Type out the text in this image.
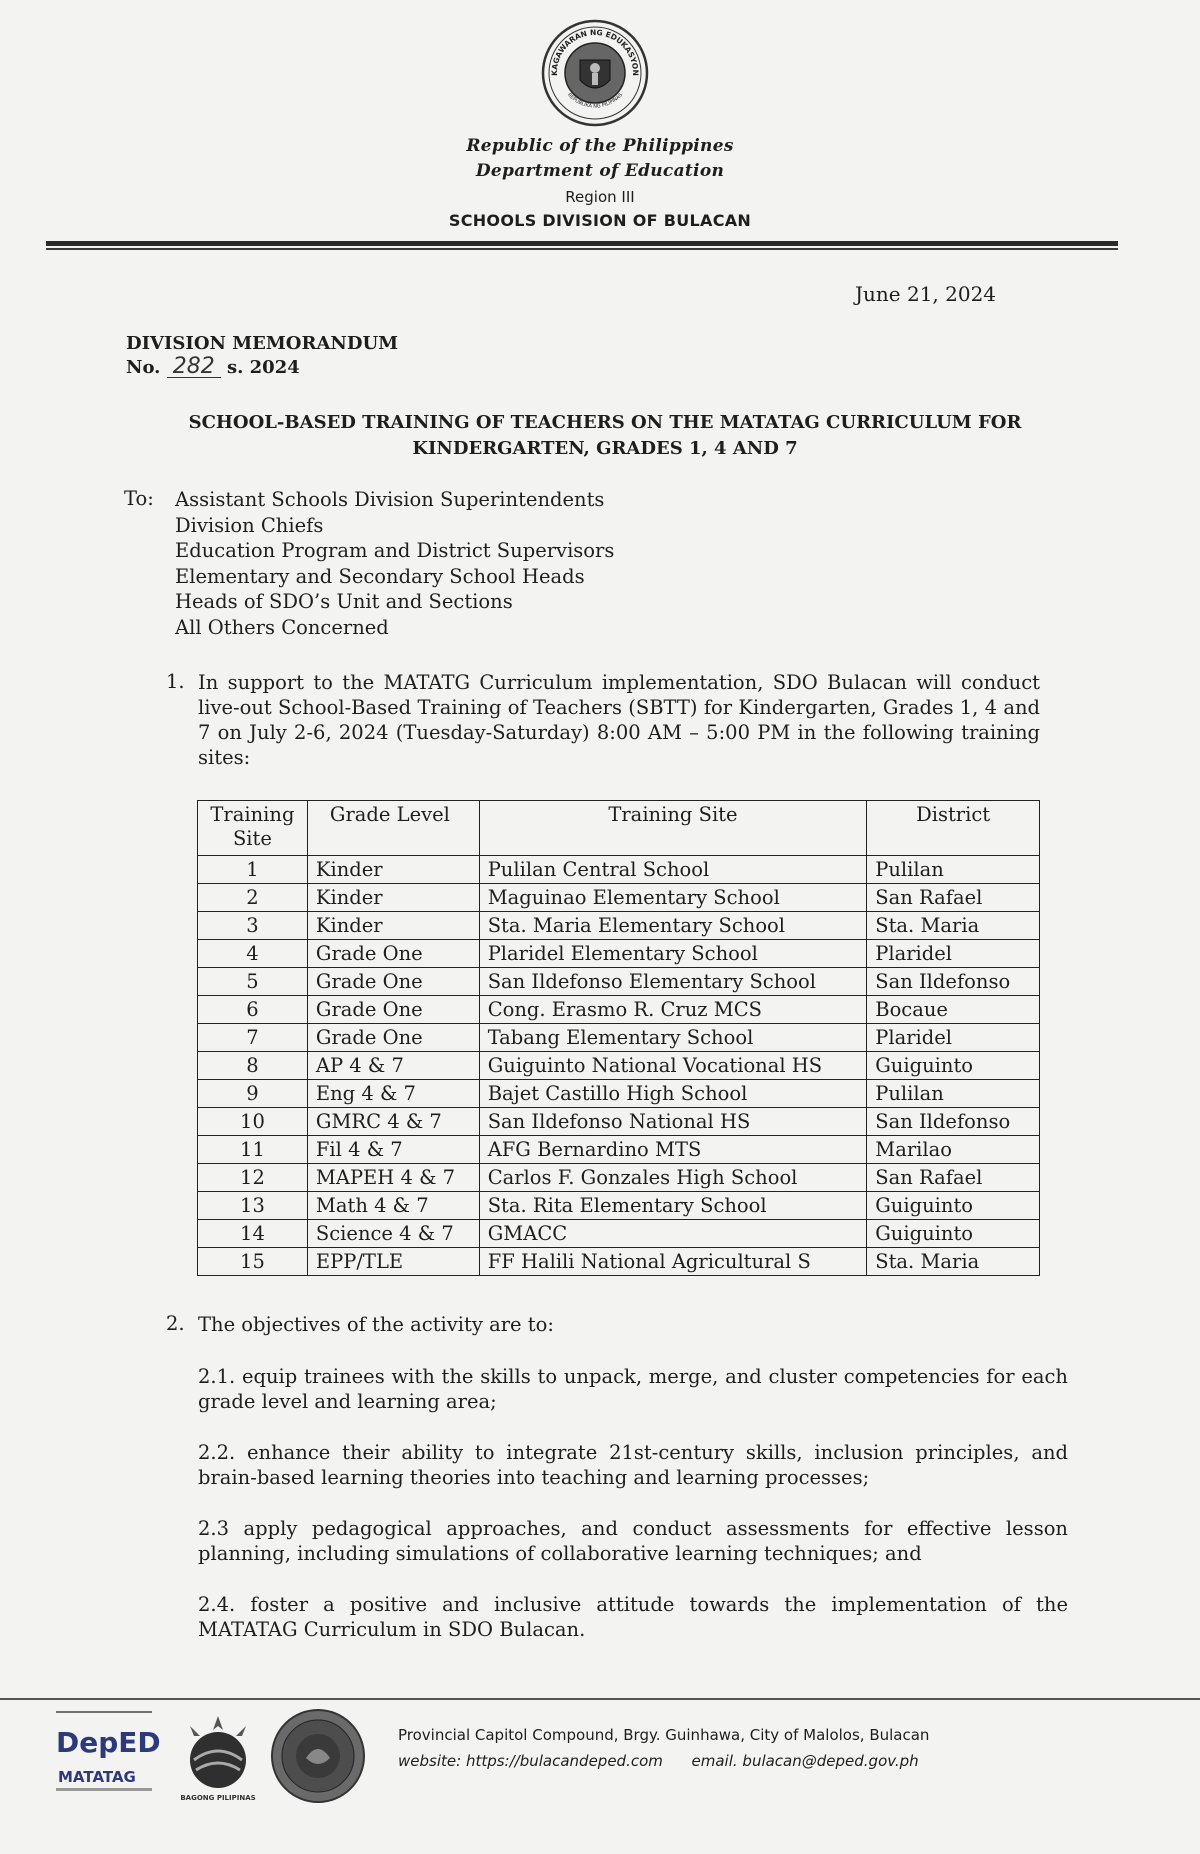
KAGAWARAN NG EDUKASYON
REPUBLIKA NG PILIPINAS
Republic of the Philippines
Department of Education
Region III
SCHOOLS DIVISION OF BULACAN
June 21, 2024
DIVISION MEMORANDUM
No. 282 s. 2024
SCHOOL-BASED TRAINING OF TEACHERS ON THE MATATAG CURRICULUM FOR
KINDERGARTEN, GRADES 1, 4 AND 7
To: Assistant Schools Division Superintendents
Division Chiefs
Education Program and District Supervisors
Elementary and Secondary School Heads
Heads of SDO’s Unit and Sections
All Others Concerned
1. In support to the MATATG Curriculum implementation, SDO Bulacan will conduct live-out School-Based Training of Teachers (SBTT) for Kindergarten, Grades 1, 4 and 7 on July 2-6, 2024 (Tuesday-Saturday) 8:00 AM – 5:00 PM in the following training sites:
Training Site	Grade Level	Training Site	District
1	Kinder	Pulilan Central School	Pulilan
2	Kinder	Maguinao Elementary School	San Rafael
3	Kinder	Sta. Maria Elementary School	Sta. Maria
4	Grade One	Plaridel Elementary School	Plaridel
5	Grade One	San Ildefonso Elementary School	San Ildefonso
6	Grade One	Cong. Erasmo R. Cruz MCS	Bocaue
7	Grade One	Tabang Elementary School	Plaridel
8	AP 4 & 7	Guiguinto National Vocational HS	Guiguinto
9	Eng 4 & 7	Bajet Castillo High School	Pulilan
10	GMRC 4 & 7	San Ildefonso National HS	San Ildefonso
11	Fil 4 & 7	AFG Bernardino MTS	Marilao
12	MAPEH 4 & 7	Carlos F. Gonzales High School	San Rafael
13	Math 4 & 7	Sta. Rita Elementary School	Guiguinto
14	Science 4 & 7	GMACC	Guiguinto
15	EPP/TLE	FF Halili National Agricultural S	Sta. Maria
2. The objectives of the activity are to:
2.1. equip trainees with the skills to unpack, merge, and cluster competencies for each grade level and learning area;
2.2. enhance their ability to integrate 21st-century skills, inclusion principles, and brain-based learning theories into teaching and learning processes;
2.3 apply pedagogical approaches, and conduct assessments for effective lesson planning, including simulations of collaborative learning techniques; and
2.4. foster a positive and inclusive attitude towards the implementation of the MATATAG Curriculum in SDO Bulacan.
DepED
MATATAG
BAGONG PILIPINAS
Provincial Capitol Compound, Brgy. Guinhawa, City of Malolos, Bulacan
website: https://bulacandeped.com email. bulacan@deped.gov.ph
